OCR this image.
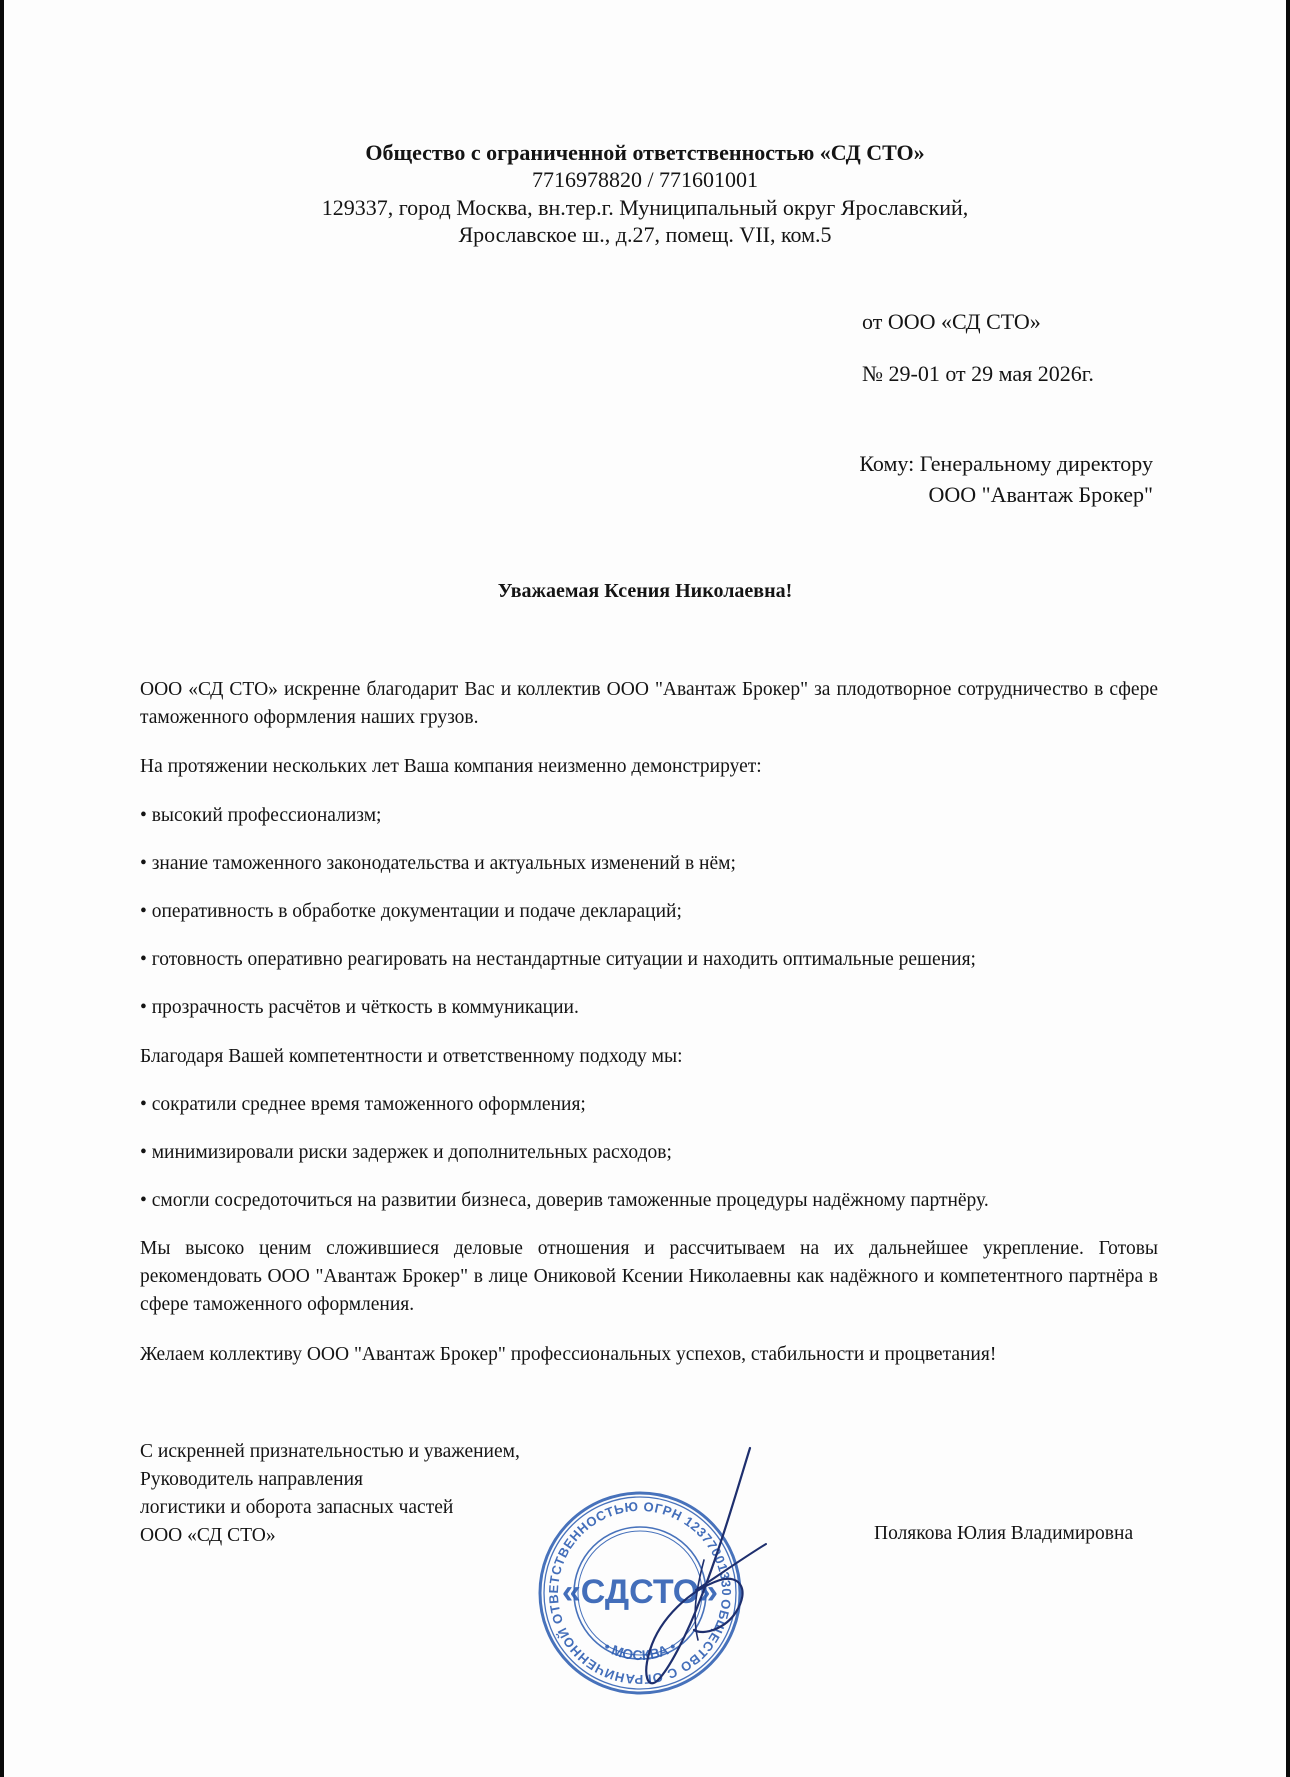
Общество с ограниченной ответственностью «СД СТО»
7716978820 / 771601001
129337, город Москва, вн.тер.г. Муниципальный округ Ярославский,
Ярославское ш., д.27, помещ. VII, ком.5
от ООО «СД СТО»
№ 29-01 от 29 мая 2026г.
Кому: Генеральному директору
ООО "Авантаж Брокер"
Уважаемая Ксения Николаевна!
ООО «СД СТО» искренне благодарит Вас и коллектив ООО "Авантаж Брокер" за плодотворное сотрудничество в сфере таможенного оформления наших грузов.
На протяжении нескольких лет Ваша компания неизменно демонстрирует:
• высокий профессионализм;
• знание таможенного законодательства и актуальных изменений в нём;
• оперативность в обработке документации и подаче деклараций;
• готовность оперативно реагировать на нестандартные ситуации и находить оптимальные решения;
• прозрачность расчётов и чёткость в коммуникации.
Благодаря Вашей компетентности и ответственному подходу мы:
• сократили среднее время таможенного оформления;
• минимизировали риски задержек и дополнительных расходов;
• смогли сосредоточиться на развитии бизнеса, доверив таможенные процедуры надёжному партнёру.
Мы высоко ценим сложившиеся деловые отношения и рассчитываем на их дальнейшее укрепление. Готовы рекомендовать ООО "Авантаж Брокер" в лице Ониковой Ксении Николаевны как надёжного и компетентного партнёра в сфере таможенного оформления.
Желаем коллективу ООО "Авантаж Брокер" профессиональных успехов, стабильности и процветания!
С искренней признательностью и уважением,
Руководитель направления
логистики и оборота запасных частей
ООО «СД СТО»	Полякова Юлия Владимировна
ОБЩЕСТВО С ОГРАНИЧЕННОЙ ОТВЕТСТВЕННОСТЬЮ ОГРН 1237700133054
«СДСТО»
• МОСКВА •
